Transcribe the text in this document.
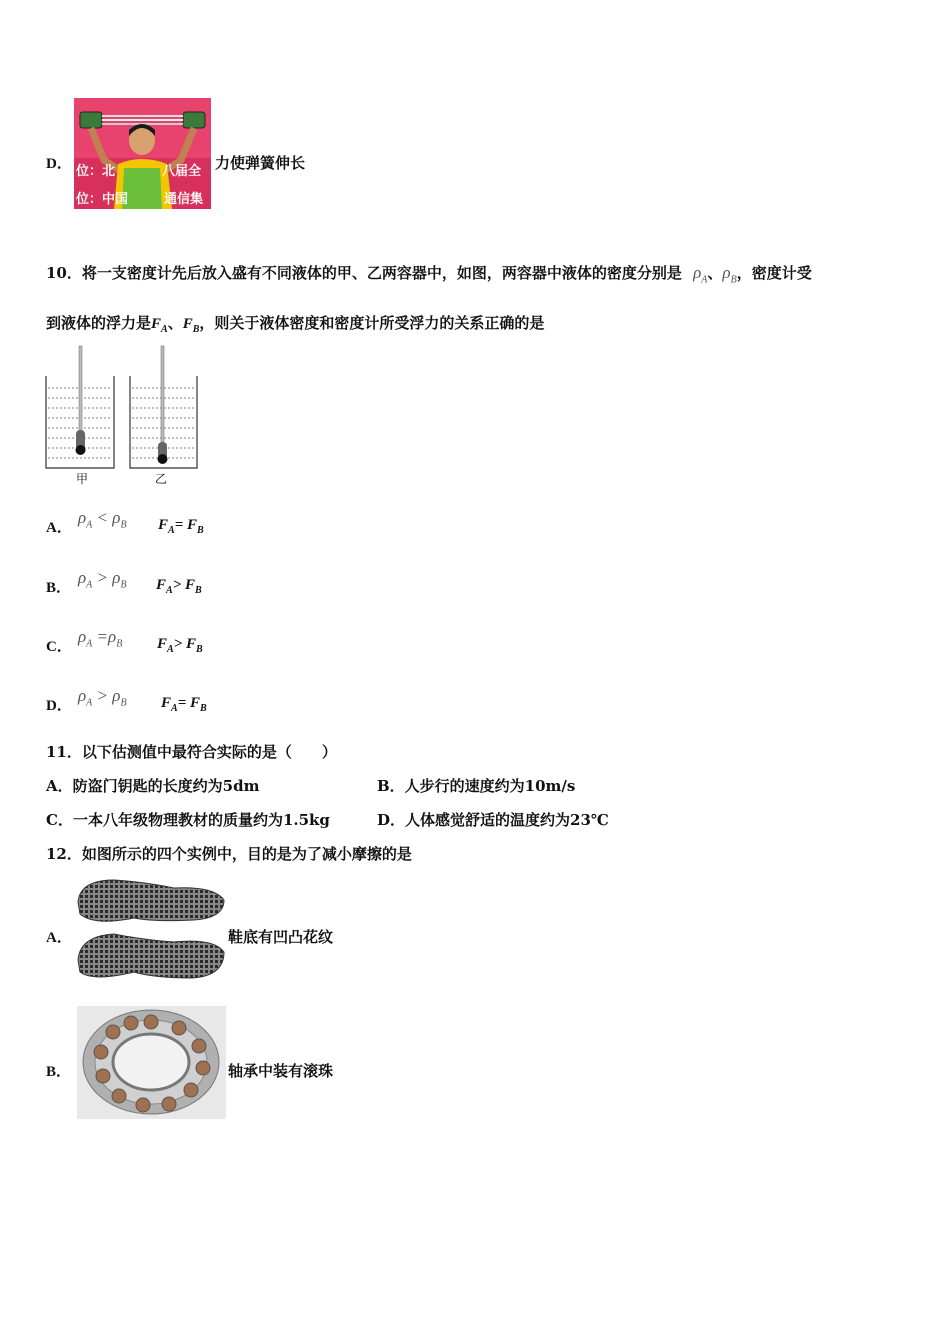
D． 位：北	八届全
位：中国	通信集
力使弹簧伸长
10．将一支密度计先后放入盛有不同液体的甲、乙两容器中，如图，两容器中液体的密度分别是 $\rho_A$、$\rho_B$，密度计受
到液体的浮力是$F_A$、$F_B$，则关于液体密度和密度计所受浮力的关系正确的是
甲	乙
A．
$\rho_A < \rho_B$ $F_A= F_B$
B．
$\rho_A > \rho_B$ $F_A> F_B$
C．
$\rho_A =\rho_B$ $F_A> F_B$
D．
$\rho_A > \rho_B$ $F_A= F_B$
11．以下估测值中最符合实际的是（　　）
A．防盗门钥匙的长度约为5dm	B．人步行的速度约为10m/s
C．一本八年级物理教材的质量约为1.5kg	D．人体感觉舒适的温度约为23℃
12．如图所示的四个实例中，目的是为了减小摩擦的是
A．	鞋底有凹凸花纹
B．	轴承中装有滚珠
